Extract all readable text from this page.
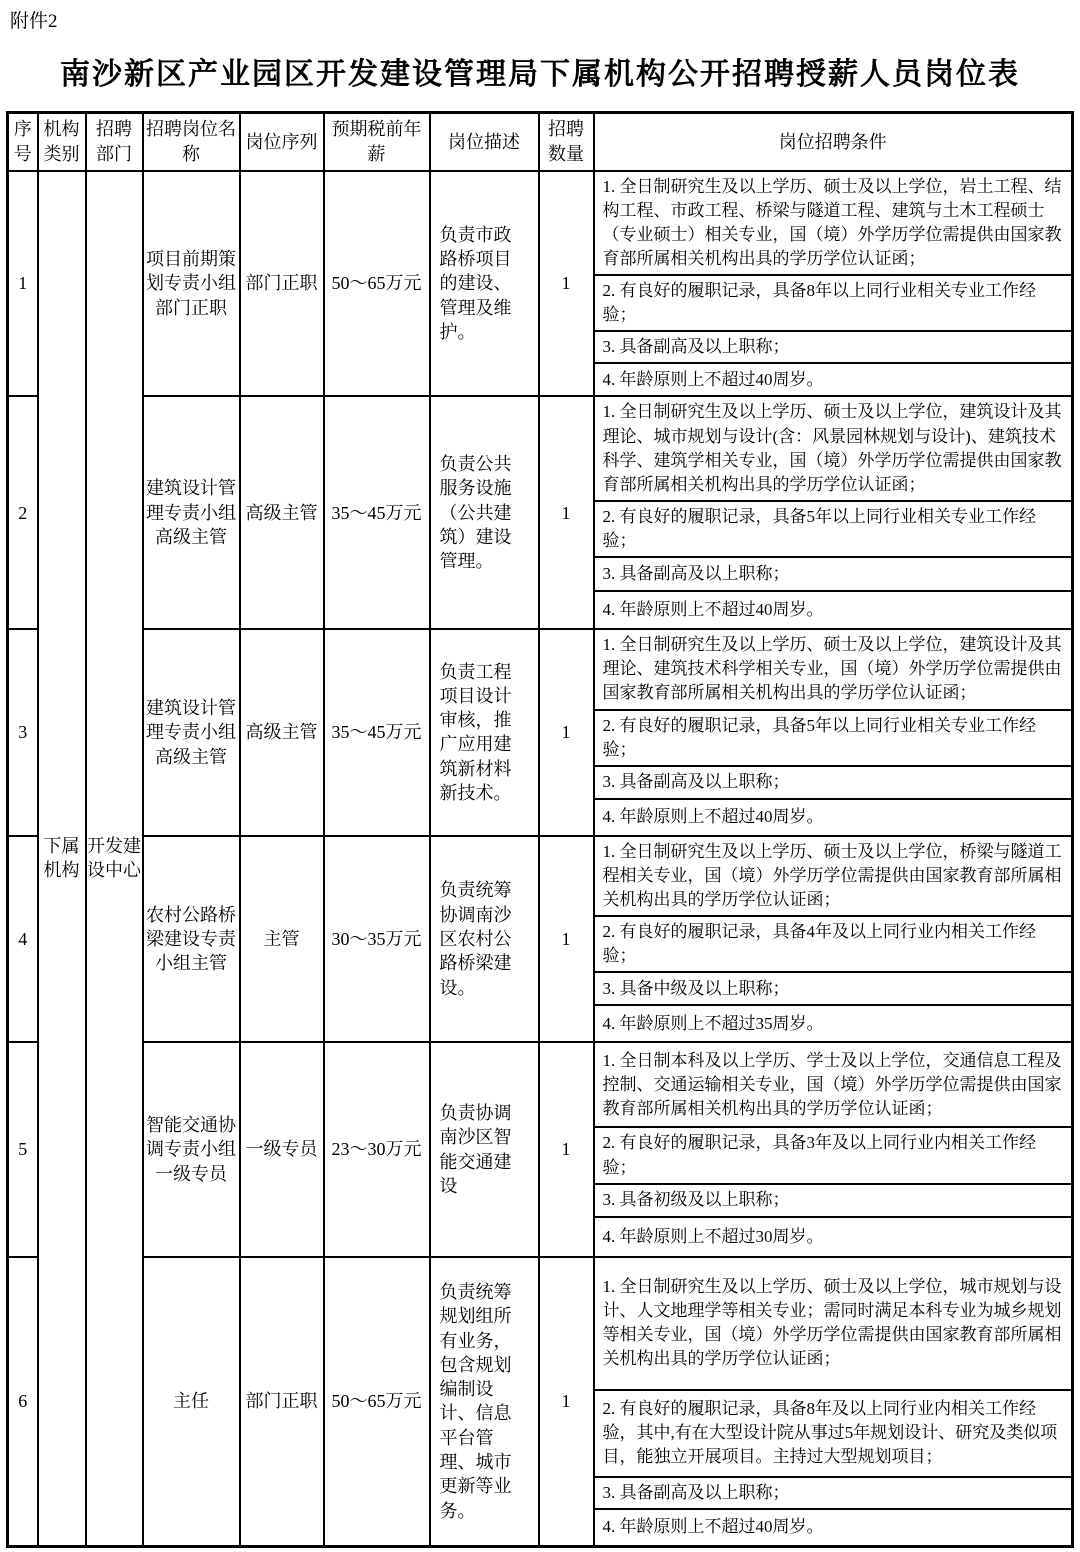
附件2
南沙新区产业园区开发建设管理局下属机构公开招聘授薪人员岗位表
序号	机构类别	招聘部门	招聘岗位名称	岗位序列	预期税前年薪	岗位描述	招聘数量	岗位招聘条件
1	下属机构	开发建设中心	项目前期策划专责小组部门正职	部门正职	50～65万元	负责市政路桥项目的建设、管理及维护。	1	1. 全日制研究生及以上学历、硕士及以上学位，岩土工程、结构工程、市政工程、桥梁与隧道工程、建筑与土木工程硕士（专业硕士）相关专业，国（境）外学历学位需提供由国家教育部所属相关机构出具的学历学位认证函；
								2. 有良好的履职记录，具备8年以上同行业相关专业工作经验；
								3. 具备副高及以上职称；
								4. 年龄原则上不超过40周岁。
2			建筑设计管理专责小组高级主管	高级主管	35～45万元	负责公共服务设施（公共建筑）建设管理。	1	1. 全日制研究生及以上学历、硕士及以上学位，建筑设计及其理论、城市规划与设计(含：风景园林规划与设计)、建筑技术科学、建筑学相关专业，国（境）外学历学位需提供由国家教育部所属相关机构出具的学历学位认证函；
								2. 有良好的履职记录，具备5年以上同行业相关专业工作经验；
								3. 具备副高及以上职称；
								4. 年龄原则上不超过40周岁。
3			建筑设计管理专责小组高级主管	高级主管	35～45万元	负责工程项目设计审核，推广应用建筑新材料新技术。	1	1. 全日制研究生及以上学历、硕士及以上学位，建筑设计及其理论、建筑技术科学相关专业，国（境）外学历学位需提供由国家教育部所属相关机构出具的学历学位认证函；
								2. 有良好的履职记录，具备5年以上同行业相关专业工作经验；
								3. 具备副高及以上职称；
								4. 年龄原则上不超过40周岁。
4			农村公路桥梁建设专责小组主管	主管	30～35万元	负责统筹协调南沙区农村公路桥梁建设。	1	1. 全日制研究生及以上学历、硕士及以上学位，桥梁与隧道工程相关专业，国（境）外学历学位需提供由国家教育部所属相关机构出具的学历学位认证函；
								2. 有良好的履职记录，具备4年及以上同行业内相关工作经验；
								3. 具备中级及以上职称；
								4. 年龄原则上不超过35周岁。
5			智能交通协调专责小组一级专员	一级专员	23～30万元	负责协调南沙区智能交通建设	1	1. 全日制本科及以上学历、学士及以上学位，交通信息工程及控制、交通运输相关专业，国（境）外学历学位需提供由国家教育部所属相关机构出具的学历学位认证函；
								2. 有良好的履职记录，具备3年及以上同行业内相关工作经验；
								3. 具备初级及以上职称；
								4. 年龄原则上不超过30周岁。
6			主任	部门正职	50～65万元	负责统筹规划组所有业务，包含规划编制设计、信息平台管理、城市更新等业务。	1	1. 全日制研究生及以上学历、硕士及以上学位，城市规划与设计、人文地理学等相关专业；需同时满足本科专业为城乡规划等相关专业，国（境）外学历学位需提供由国家教育部所属相关机构出具的学历学位认证函；
								2. 有良好的履职记录，具备8年及以上同行业内相关工作经验，其中,有在大型设计院从事过5年规划设计、研究及类似项目，能独立开展项目。主持过大型规划项目；
								3. 具备副高及以上职称；
								4. 年龄原则上不超过40周岁。
